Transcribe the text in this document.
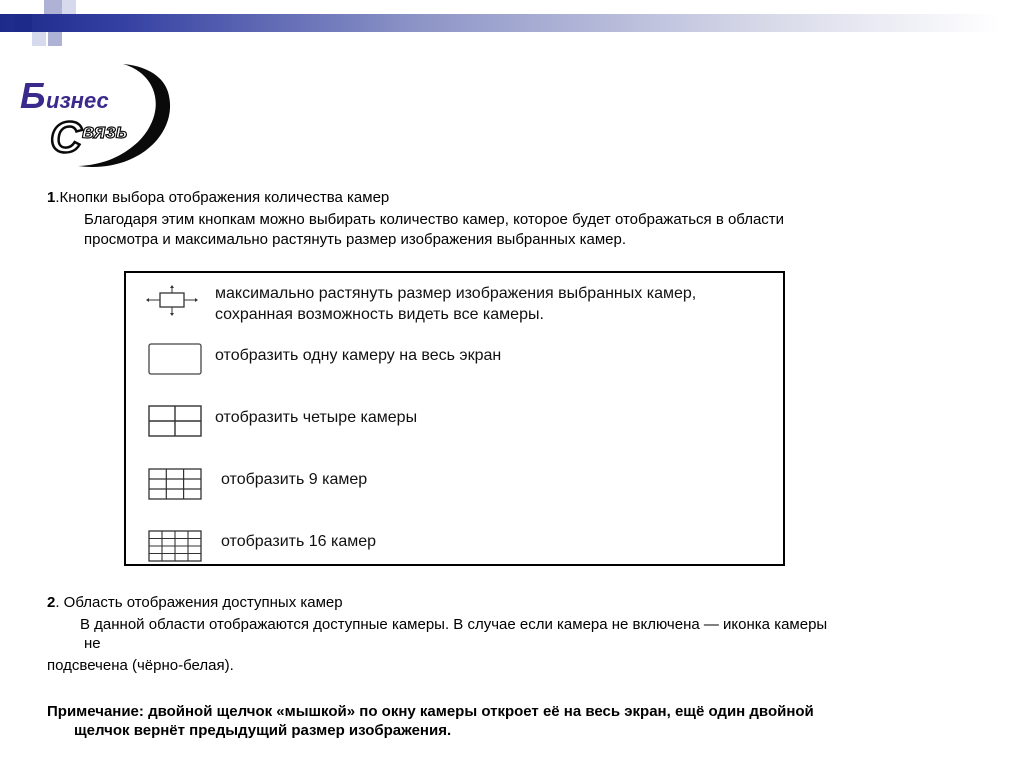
Б изнес
С вязь
1.Кнопки выбора отображения количества камер
Благодаря этим кнопкам можно выбирать количество камер, которое будет отображаться в области
просмотра и максимально растянуть размер изображения выбранных камер.
максимально растянуть размер изображения выбранных камер,
сохранная возможность видеть все камеры.
отобразить одну камеру на весь экран
отобразить четыре камеры
отобразить 9 камер
отобразить 16 камер
2. Область отображения доступных камер
В данной области отображаются доступные камеры. В случае если камера не включена — иконка камеры
не
подсвечена (чёрно-белая).
Примечание: двойной щелчок «мышкой» по окну камеры откроет её на весь экран, ещё один двойной
щелчок вернёт предыдущий размер изображения.
